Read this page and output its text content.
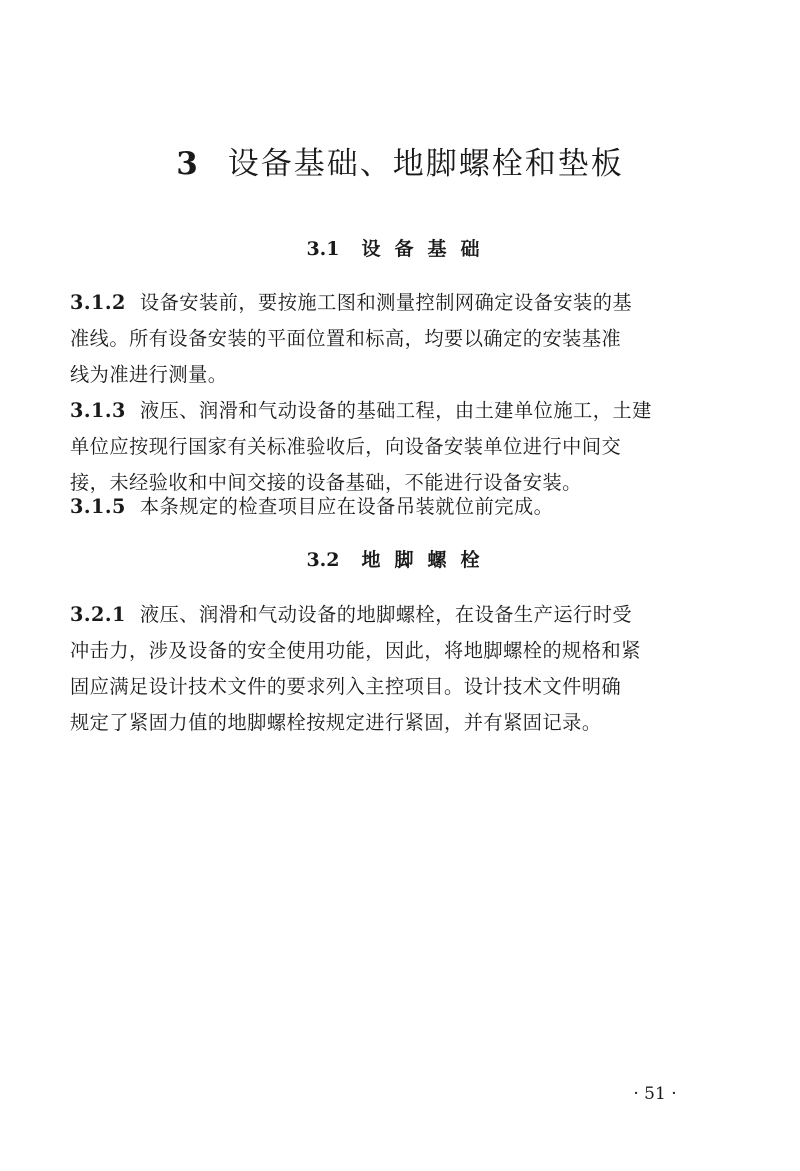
3 设备基础、地脚螺栓和垫板
3.1 设备基础
3.1.2 设备安装前，要按施工图和测量控制网确定设备安装的基
准线。所有设备安装的平面位置和标高，均要以确定的安装基准
线为准进行测量。
3.1.3 液压、润滑和气动设备的基础工程，由土建单位施工，土建
单位应按现行国家有关标准验收后，向设备安装单位进行中间交
接，未经验收和中间交接的设备基础，不能进行设备安装。
3.1.5 本条规定的检查项目应在设备吊装就位前完成。
3.2 地脚螺栓
3.2.1 液压、润滑和气动设备的地脚螺栓，在设备生产运行时受
冲击力，涉及设备的安全使用功能，因此，将地脚螺栓的规格和紧
固应满足设计技术文件的要求列入主控项目。设计技术文件明确
规定了紧固力值的地脚螺栓按规定进行紧固，并有紧固记录。
· 51 ·
